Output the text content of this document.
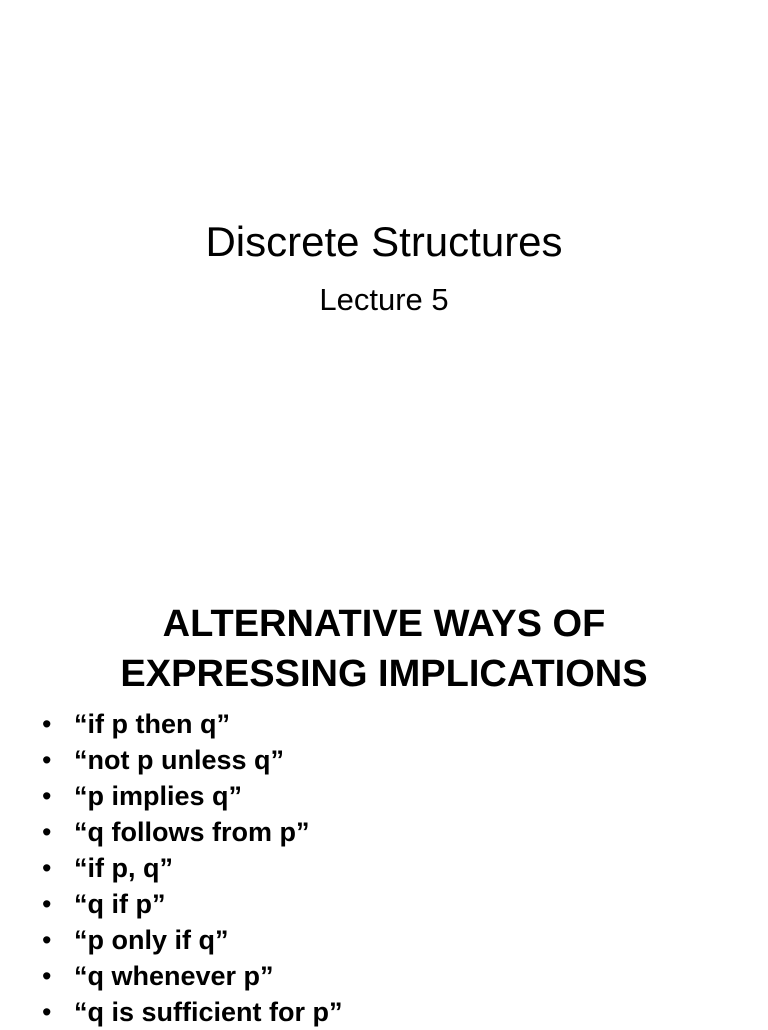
Discrete Structures

Lecture 5

ALTERNATIVE WAYS OF
EXPRESSING IMPLICATIONS
• “if p then q”
• “not p unless q”
• “p implies q”
• “q follows from p”
• “if p, q”
• “q if p”
• “p only if q”
• “q whenever p”
• “q is sufficient for p”
